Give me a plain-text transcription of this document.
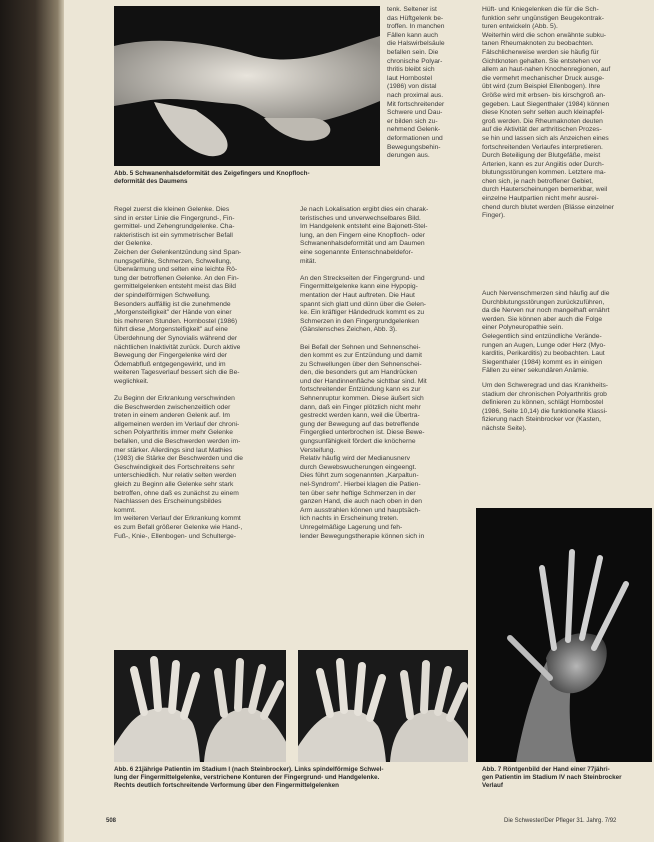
tenk. Seltener ist
das Hüftgelenk be-
troffen. In manchen
Fällen kann auch
die Halswirbelsäule
befallen sein. Die
chronische Polyar-
thritis bleibt sich
laut Hornbostel
(1986) von distal
nach proximal aus.
Mit fortschreitender
Schwere und Dau-
er bilden sich zu-
nehmend Gelenk-
deformationen und
Bewegungsbehin-
derungen aus.
Hüft- und Kniegelenken die für die Sch-
funktion sehr ungünstigen Beugekontrak-
turen entwickeln (Abb. 5).
Weiterhin wird die schon erwähnte subku-
tanen Rheumaknoten zu beobachten.
Fälschlicherweise werden sie häufig für
Gichtknoten gehalten. Sie entstehen vor
allem an haut-nahen Knochenregionen, auf
die vermehrt mechanischer Druck ausge-
übt wird (zum Beispiel Ellenbogen). Ihre
Größe wird mit erbsen- bis kirschgroß an-
gegeben. Laut Siegenthaler (1984) können
diese Knoten sehr selten auch kleinapfel-
groß werden. Die Rheumaknoten deuten
auf die Aktivität der arthritischen Prozes-
se hin und lassen sich als Anzeichen eines
fortschreitenden Verlaufes interpretieren.
Durch Beteiligung der Blutgefäße, meist
Arterien, kann es zur Angiitis oder Durch-
blutungsstörungen kommen. Letztere ma-
chen sich, je nach betroffener Gebiet,
durch Hauterscheinungen bemerkbar, weil
einzelne Hautpartien nicht mehr ausrei-
chend durch blutet werden (Blässe einzelner
Finger).
Abb. 5 Schwanenhalsdeformität des Zeigefingers und Knopfloch-
deformität des Daumens
Regel zuerst die kleinen Gelenke. Dies
sind in erster Linie die Fingergrund-, Fin-
germittel- und Zehengrundgelenke. Cha-
rakteristisch ist ein symmetrischer Befall
der Gelenke.
Zeichen der Gelenkentzündung sind Span-
nungsgefühle, Schmerzen, Schwellung,
Überwärmung und selten eine leichte Rö-
tung der betroffenen Gelenke. An den Fin-
germittelgelenken entsteht meist das Bild
der spindelförmigen Schwellung.
Besonders auffällig ist die zunehmende
„Morgensteifigkeit" der Hände von einer
bis mehreren Stunden. Hornbostel (1986)
führt diese „Morgensteifigkeit" auf eine
Überdehnung der Synovialis während der
nächtlichen Inaktivität zurück. Durch aktive
Bewegung der Fingergelenke wird der
Ödemabfluß entgegengewirkt, und im
weiteren Tagesverlauf bessert sich die Be-
weglichkeit.

Zu Beginn der Erkrankung verschwinden
die Beschwerden zwischenzeitlich oder
treten in einem anderen Gelenk auf. Im
allgemeinen werden im Verlauf der chroni-
schen Polyarthritis immer mehr Gelenke
befallen, und die Beschwerden werden im-
mer stärker. Allerdings sind laut Mathies
(1983) die Stärke der Beschwerden und die
Geschwindigkeit des Fortschreitens sehr
unterschiedlich. Nur relativ selten werden
gleich zu Beginn alle Gelenke sehr stark
betroffen, ohne daß es zunächst zu einem
Nachlassen des Erscheinungsbildes
kommt.
Im weiteren Verlauf der Erkrankung kommt
es zum Befall größerer Gelenke wie Hand-,
Fuß-, Knie-, Ellenbogen- und Schulterge-
Je nach Lokalisation ergibt dies ein charak-
teristisches und unverwechselbares Bild.
Im Handgelenk entsteht eine Bajonett-Stel-
lung, an den Fingern eine Knopfloch- oder
Schwanenhalsdeformität und am Daumen
eine sogenannte Entenschnabeldefor-
mität.

An den Streckseiten der Fingergrund- und
Fingermittelgelenke kann eine Hypopig-
mentation der Haut auftreten. Die Haut
spannt sich glatt und dünn über die Gelen-
ke. Ein kräftiger Händedruck kommt es zu
Schmerzen in den Fingergrundgelenken
(Gänslensches Zeichen, Abb. 3).

Bei Befall der Sehnen und Sehnenschei-
den kommt es zur Entzündung und damit
zu Schwellungen über den Sehnenschei-
den, die besonders gut am Handrücken
und der Handinnenfläche sichtbar sind. Mit
fortschreitender Entzündung kann es zur
Sehnenruptur kommen. Diese äußert sich
dann, daß ein Finger plötzlich nicht mehr
gestreckt werden kann, weil die Übertra-
gung der Bewegung auf das betreffende
Fingerglied unterbrochen ist. Diese Bewe-
gungsunfähigkeit fördert die knöcherne
Versteifung.
Relativ häufig wird der Medianusnerv
durch Gewebswucherungen eingeengt.
Dies führt zum sogenannten „Karpaltun-
nel-Syndrom". Hierbei klagen die Patien-
ten über sehr heftige Schmerzen in der
ganzen Hand, die auch nach oben in den
Arm ausstrahlen können und hauptsäch-
lich nachts in Erscheinung treten.
Unregelmäßige Lagerung und feh-
lender Bewegungstherapie können sich in
Auch Nervenschmerzen sind häufig auf die
Durchblutungsstörungen zurückzuführen,
da die Nerven nur noch mangelhaft ernährt
werden. Sie können aber auch die Folge
einer Polyneuropathie sein.
Gelegentlich sind entzündliche Verände-
rungen an Augen, Lunge oder Herz (Myo-
karditis, Perikarditis) zu beobachten. Laut
Siegenthaler (1984) kommt es in einigen
Fällen zu einer sekundären Anämie.
Um den Schweregrad und das Krankheits-
stadium der chronischen Polyarthritis grob
definieren zu können, schlägt Hornbostel
(1986, Seite 10,14) die funktionelle Klassi-
fizierung nach Steinbrocker vor (Kasten,
nächste Seite).
Abb. 6 21jährige Patientin im Stadium I (nach Steinbrocker). Links spindelförmige Schwel-
lung der Fingermittelgelenke, verstrichene Konturen der Fingergrund- und Handgelenke.
Rechts deutlich fortschreitende Verformung über den Fingermittelgelenken
Abb. 7 Röntgenbild der Hand einer 77jähri-
gen Patientin im Stadium IV nach Steinbrocker
Verlauf
508	Die Schwester/Der Pfleger 31. Jahrg. 7/92
